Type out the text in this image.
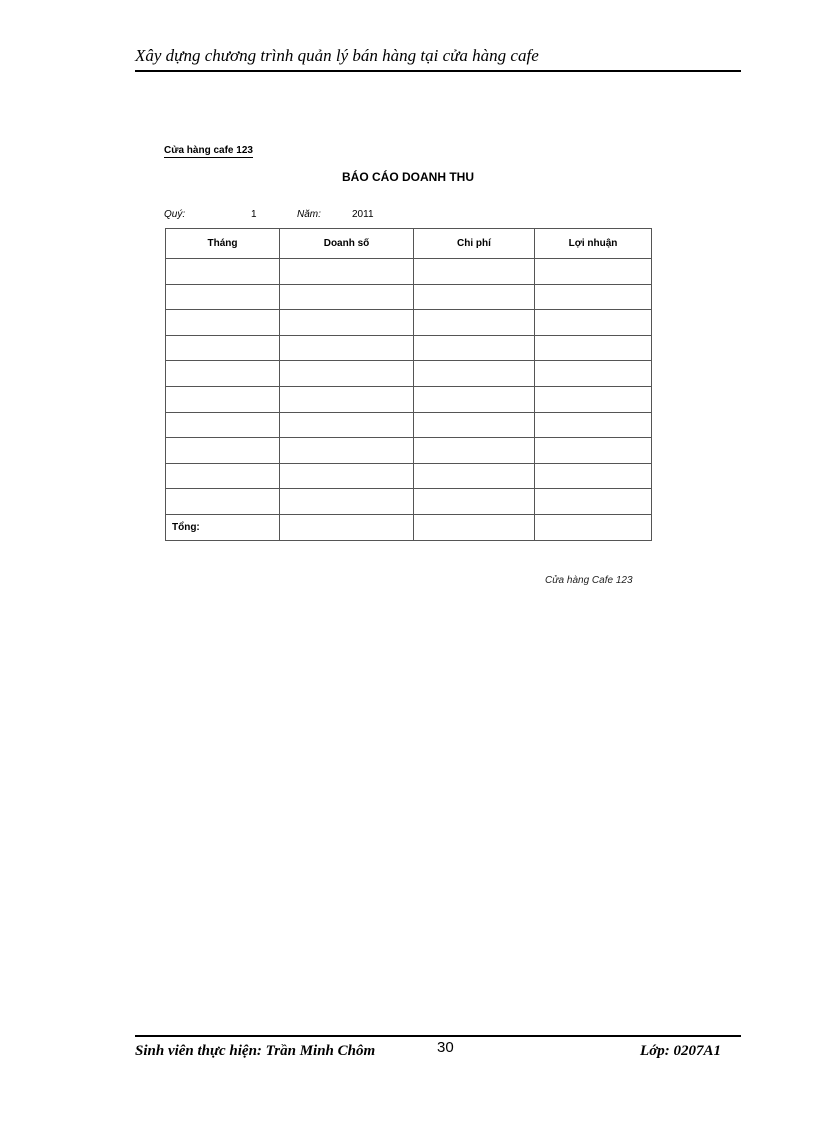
Xây dựng chương trình quản lý bán hàng tại cửa hàng cafe
Cửa hàng cafe 123
BÁO CÁO DOANH THU
Quý:	1	Năm:	2011
Tháng	Doanh số	Chi phí	Lợi nhuận

Tổng:			
Cửa hàng Cafe 123
Sinh viên thực hiện: Trần Minh Chôm	30	Lớp: 0207A1
